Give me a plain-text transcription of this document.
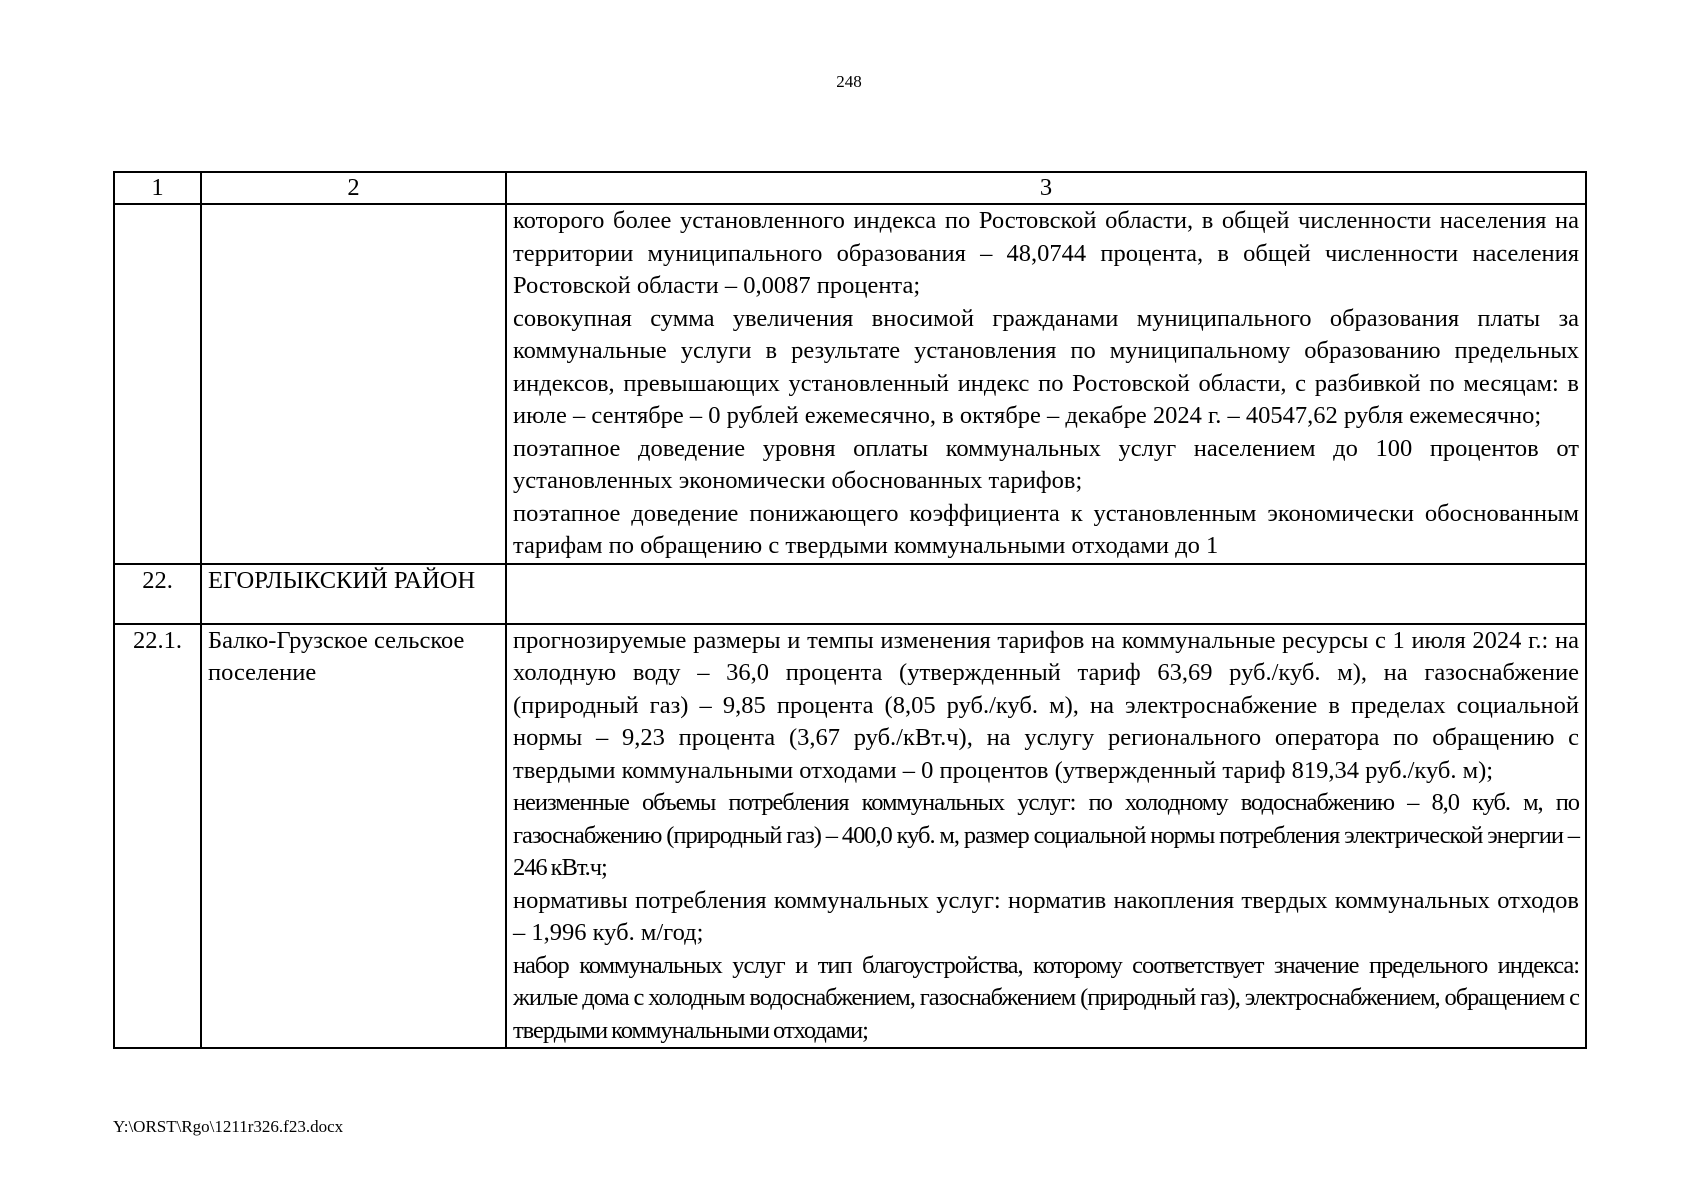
248
1	2	3

		которого более установленного индекса по Ростовской области, в общей численности населения на территории муниципального образования – 48,0744 процента, в общей численности населения Ростовской области – 0,0087 процента;
совокупная сумма увеличения вносимой гражданами муниципального образования платы за коммунальные услуги в результате установления по муниципальному образованию предельных индексов, превышающих установленный индекс по Ростовской области, с разбивкой по месяцам: в июле – сентябре – 0 рублей ежемесячно, в октябре – декабре 2024 г. – 40547,62 рубля ежемесячно;
поэтапное доведение уровня оплаты коммунальных услуг населением до 100 процентов от установленных экономически обоснованных тарифов;
поэтапное доведение понижающего коэффициента к установленным экономически обоснованным тарифам по обращению с твердыми коммунальными отходами до 1

22.	ЕГОРЛЫКСКИЙ РАЙОН	
22.1.	Балко-Грузское сельское поселение	прогнозируемые размеры и темпы изменения тарифов на коммунальные ресурсы с 1 июля 2024 г.: на холодную воду – 36,0 процента (утвержденный тариф 63,69 руб./куб. м), на газоснабжение (природный газ) – 9,85 процента (8,05 руб./куб. м), на электроснабжение в пределах социальной нормы – 9,23 процента (3,67 руб./кВт.ч), на услугу регионального оператора по обращению с твердыми коммунальными отходами – 0 процентов (утвержденный тариф 819,34 руб./куб. м);
неизменные объемы потребления коммунальных услуг: по холодному водоснабжению – 8,0 куб. м, по газоснабжению (природный газ) – 400,0 куб. м, размер социальной нормы потребления электрической энергии – 246 кВт.ч;
нормативы потребления коммунальных услуг: норматив накопления твердых коммунальных отходов – 1,996 куб. м/год;
набор коммунальных услуг и тип благоустройства, которому соответствует значение предельного индекса: жилые дома с холодным водоснабжением, газоснабжением (природный газ), электроснабжением, обращением с твердыми коммунальными отходами;
Y:\ORST\Rgo\1211r326.f23.docx
